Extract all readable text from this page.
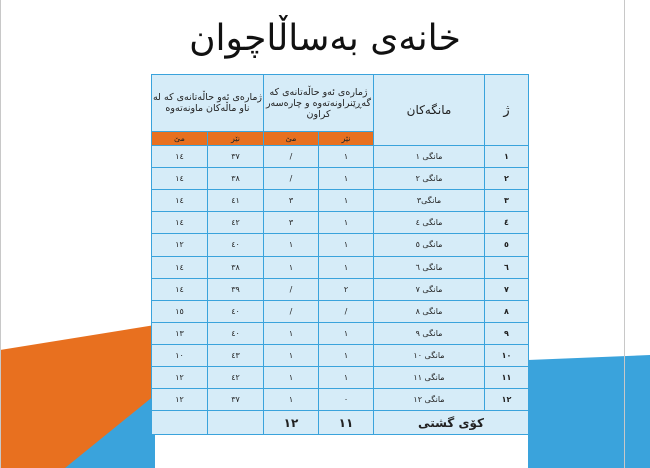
خانەی بەساڵاچوان
ژ	مانگەکان	ژمارەی ئەو حاڵەتانەی کە گەڕێنراونەتەوە و چارەسەر کراون		ژمارەی ئەو حاڵەتانەی کە لە ناو ماڵەکان ماونەتەوە	
		نێر	مێ	نێر	مێ
١	مانگی ١	١	/	٣٧	١٤
٢	مانگی ٢	١	/	٣٨	١٤
٣	مانگی٣	١	٣	٤١	١٤
٤	مانگی ٤	١	٣	٤٢	١٤
٥	مانگی ٥	١	١	٤٠	١٢
٦	مانگی ٦	١	١	٣٨	١٤
٧	مانگی ٧	٢	/	٣٩	١٤
٨	مانگی ٨	/	/	٤٠	١٥
٩	مانگی ٩	١	١	٤٠	١٣
١٠	مانگی ١٠	١	١	٤٣	١٠
١١	مانگی ١١	١	١	٤٢	١٢
١٢	مانگی ١٢	٠	١	٣٧	١٢
کۆی گشتی		١١	١٢		
